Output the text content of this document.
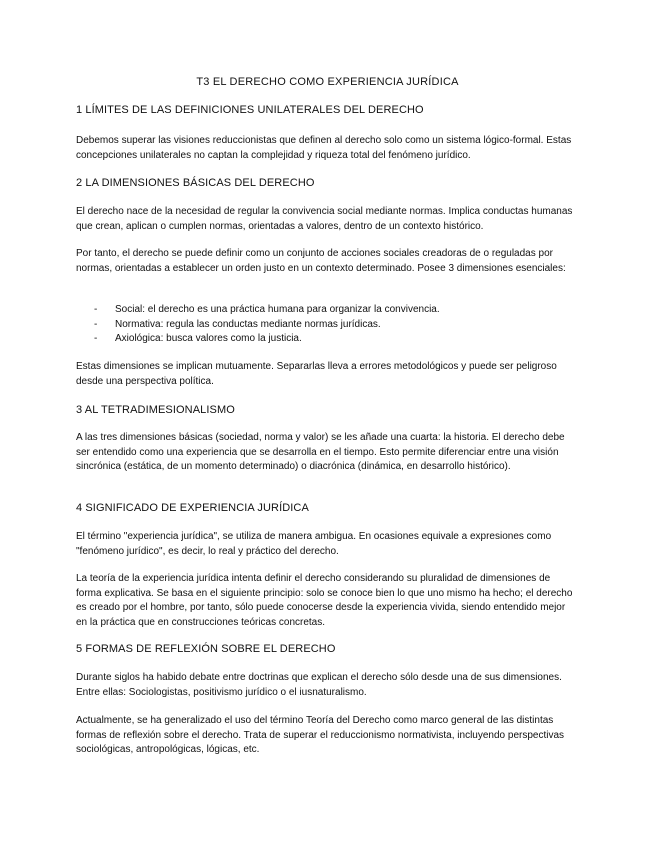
T3 EL DERECHO COMO EXPERIENCIA JURÍDICA
1 LÍMITES DE LAS DEFINICIONES UNILATERALES DEL DERECHO

Debemos superar las visiones reduccionistas que definen al derecho solo como un sistema lógico-formal. Estas concepciones unilaterales no captan la complejidad y riqueza total del fenómeno jurídico.

2 LA DIMENSIONES BÁSICAS DEL DERECHO

El derecho nace de la necesidad de regular la convivencia social mediante normas. Implica conductas humanas que crean, aplican o cumplen normas, orientadas a valores, dentro de un contexto histórico.

Por tanto, el derecho se puede definir como un conjunto de acciones sociales creadoras de o reguladas por normas, orientadas a establecer un orden justo en un contexto determinado. Posee 3 dimensiones esenciales:

- Social: el derecho es una práctica humana para organizar la convivencia.
- Normativa: regula las conductas mediante normas jurídicas.
- Axiológica: busca valores como la justicia.

Estas dimensiones se implican mutuamente. Separarlas lleva a errores metodológicos y puede ser peligroso desde una perspectiva política.

3 AL TETRADIMESIONALISMO

A las tres dimensiones básicas (sociedad, norma y valor) se les añade una cuarta: la historia. El derecho debe ser entendido como una experiencia que se desarrolla en el tiempo. Esto permite diferenciar entre una visión sincrónica (estática, de un momento determinado) o diacrónica (dinámica, en desarrollo histórico).

4 SIGNIFICADO DE EXPERIENCIA JURÍDICA

El término "experiencia jurídica", se utiliza de manera ambigua. En ocasiones equivale a expresiones como "fenómeno jurídico", es decir, lo real y práctico del derecho.

La teoría de la experiencia jurídica intenta definir el derecho considerando su pluralidad de dimensiones de forma explicativa. Se basa en el siguiente principio: solo se conoce bien lo que uno mismo ha hecho; el derecho es creado por el hombre, por tanto, sólo puede conocerse desde la experiencia vivida, siendo entendido mejor en la práctica que en construcciones teóricas concretas.

5 FORMAS DE REFLEXIÓN SOBRE EL DERECHO

Durante siglos ha habido debate entre doctrinas que explican el derecho sólo desde una de sus dimensiones. Entre ellas: Sociologistas, positivismo jurídico o el iusnaturalismo.

Actualmente, se ha generalizado el uso del término Teoría del Derecho como marco general de las distintas formas de reflexión sobre el derecho. Trata de superar el reduccionismo normativista, incluyendo perspectivas sociológicas, antropológicas, lógicas, etc.
